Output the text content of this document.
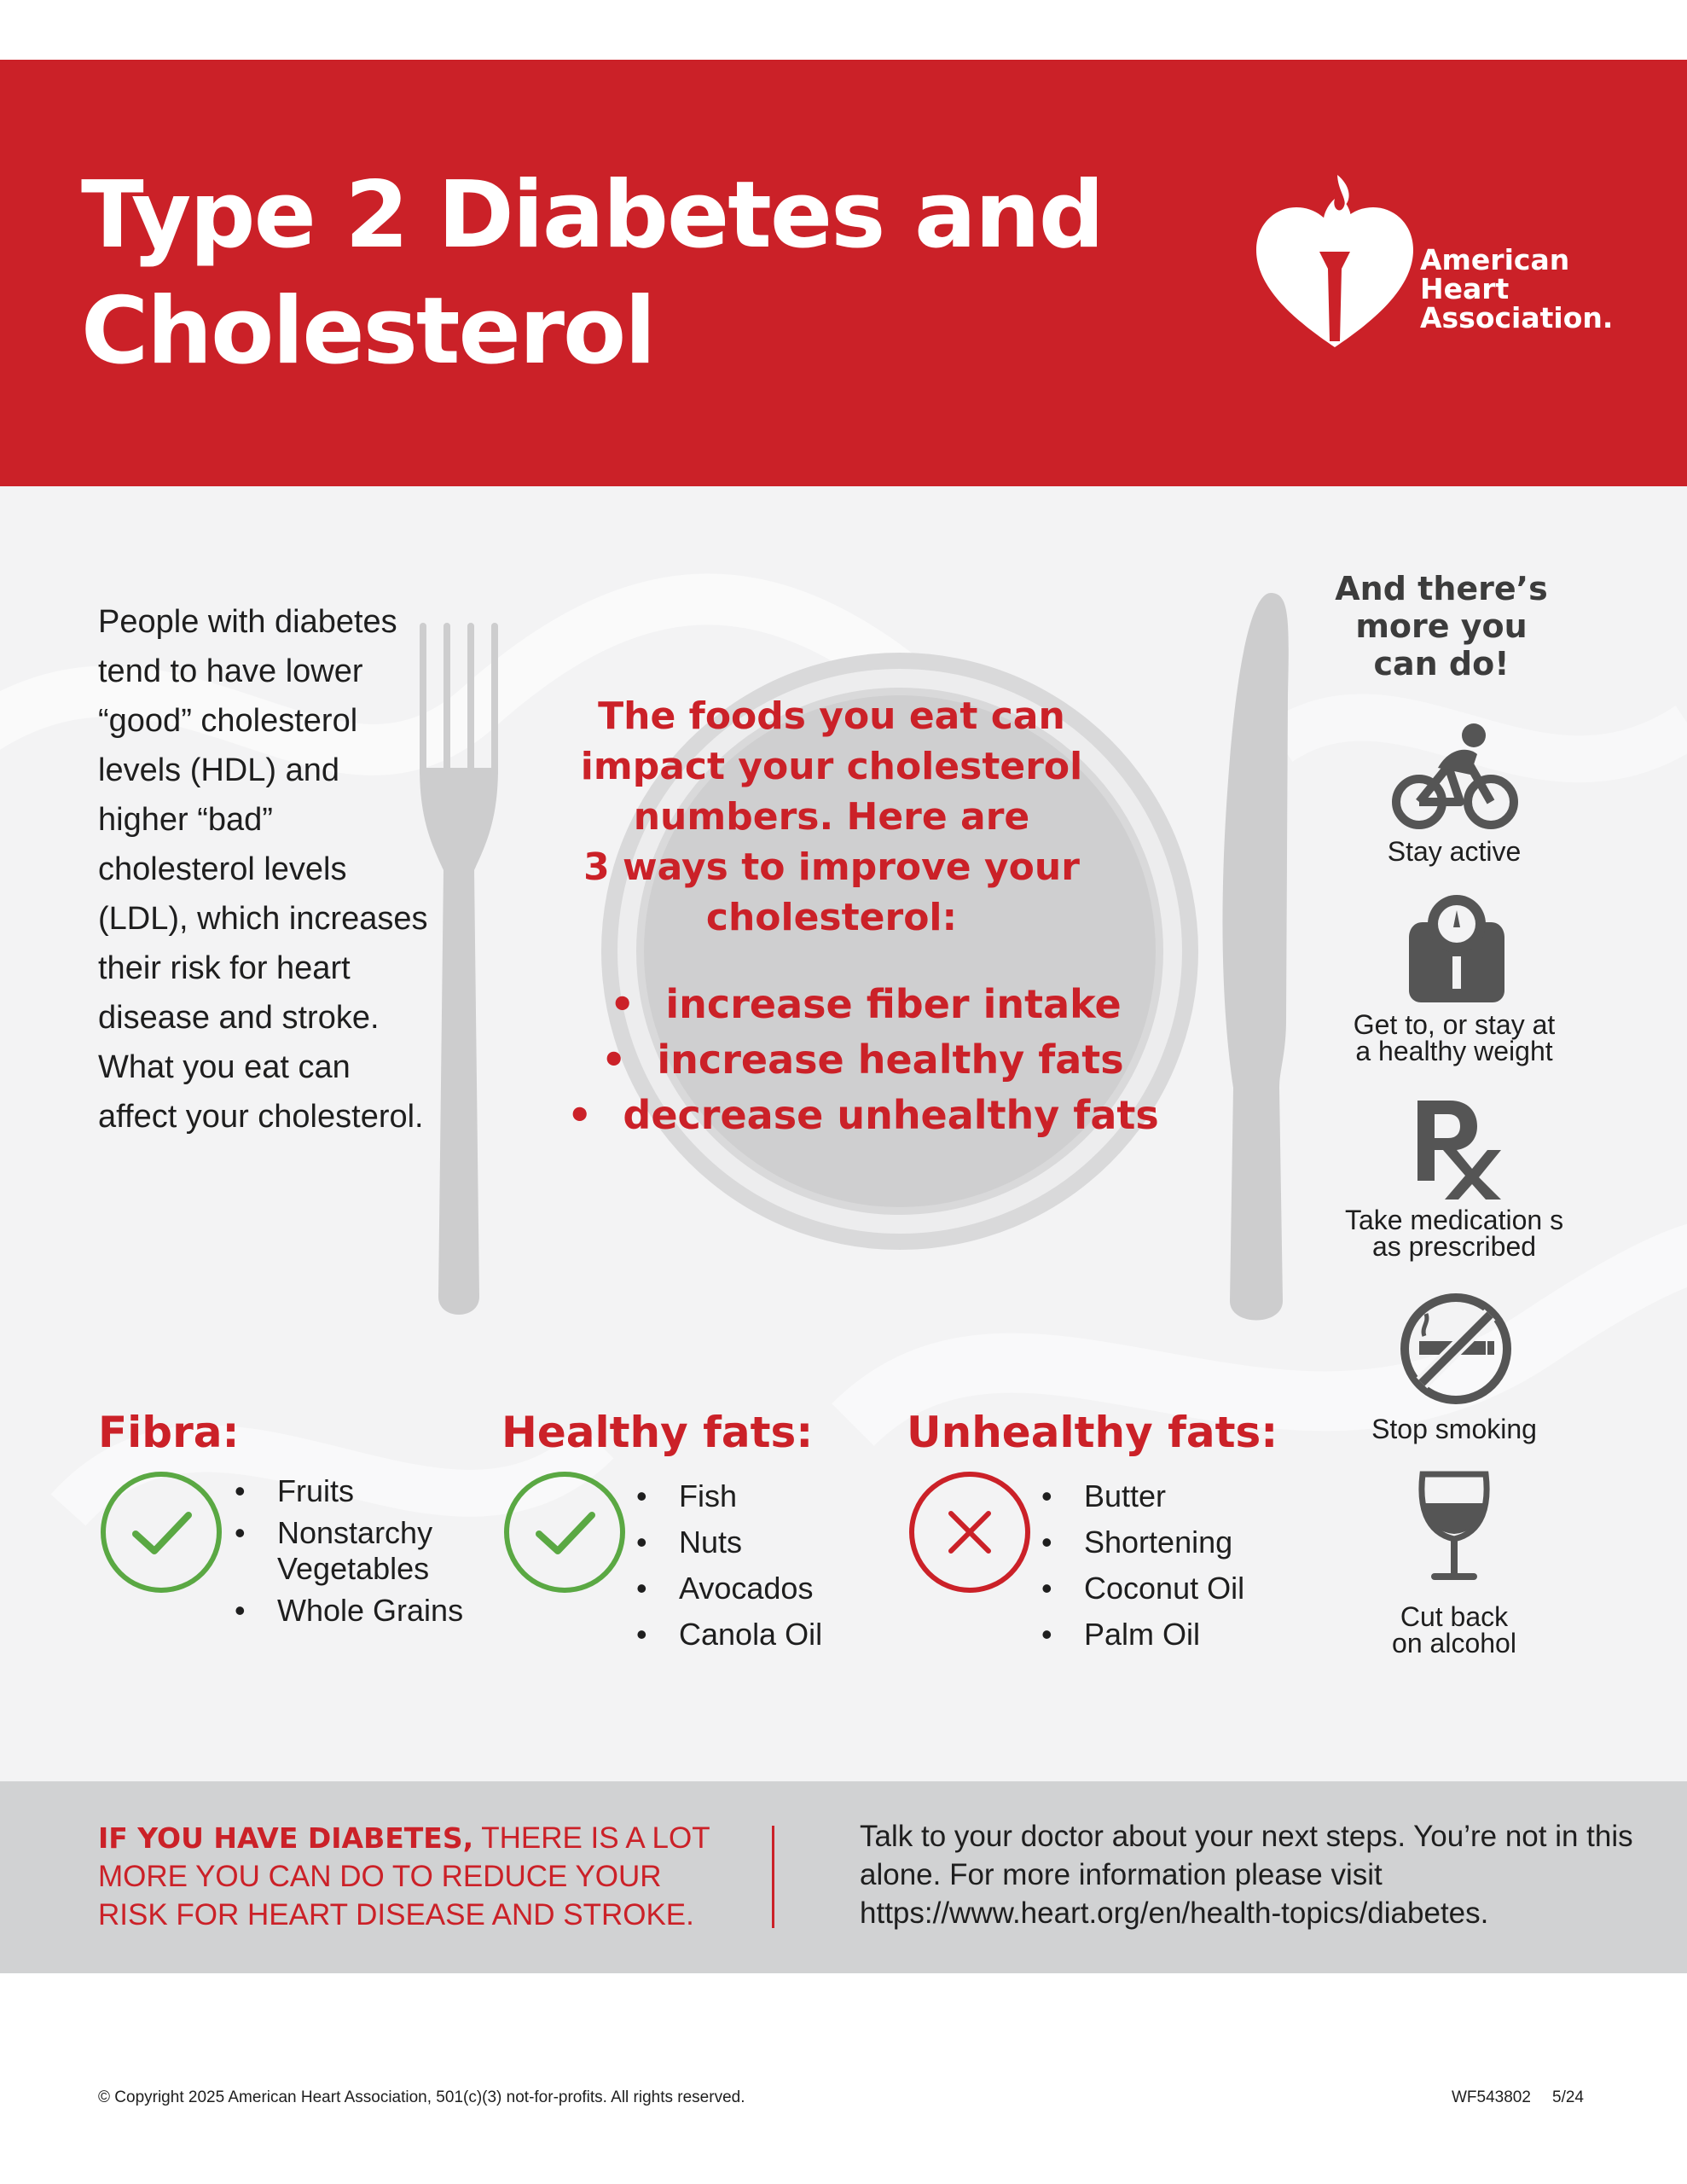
Type 2 Diabetes and
Cholesterol
American
Heart
Association.
People with diabetes tend to have lower “good” cholesterol levels (HDL) and higher “bad” cholesterol levels (LDL), which increases their risk for heart disease and stroke. What you eat can affect your cholesterol.
The foods you eat can
impact your cholesterol
numbers. Here are
3 ways to improve your
cholesterol:
• increase fiber intake
• increase healthy fats
• decrease unhealthy fats
And there’s
more you
can do!
Stay active
Get to, or stay at
a healthy weight
Take medication s
as prescribed
Stop smoking
Cut back
on alcohol
Fibra:
• Fruits
• Nonstarchy Vegetables
• Whole Grains
Healthy fats:
• Fish
• Nuts
• Avocados
• Canola Oil
Unhealthy fats:
• Butter
• Shortening
• Coconut Oil
• Palm Oil
IF YOU HAVE DIABETES, THERE IS A LOT MORE YOU CAN DO TO REDUCE YOUR RISK FOR HEART DISEASE AND STROKE.
Talk to your doctor about your next steps. You’re not in this alone. For more information please visit https://www.heart.org/en/health-topics/diabetes.
© Copyright 2025 American Heart Association, 501(c)(3) not-for-profits. All rights reserved.	WF543802 5/24
